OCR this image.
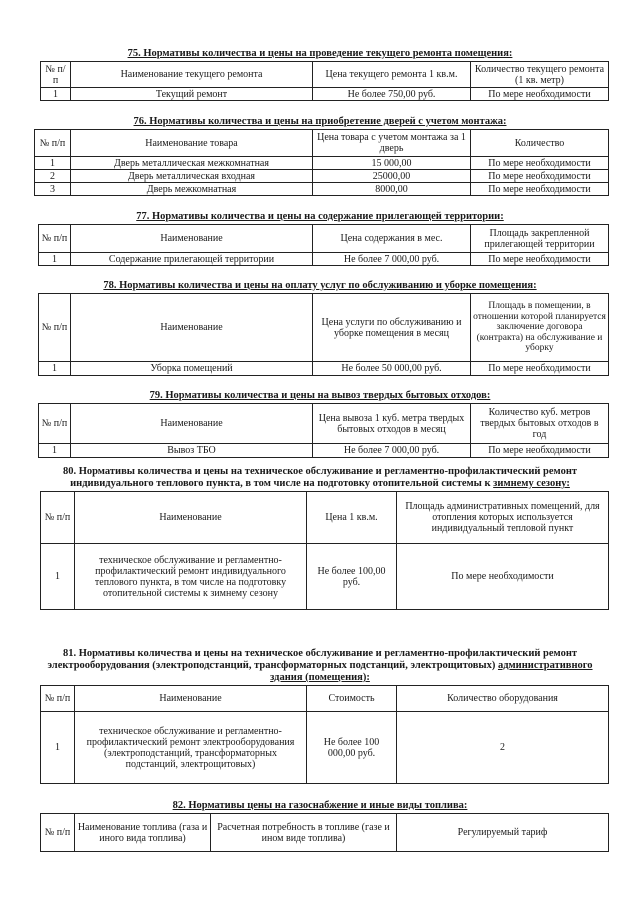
75. Нормативы количества и цены на проведение текущего ремонта помещения:
№ п/п	Наименование текущего ремонта	Цена текущего ремонта 1 кв.м.	Количество текущего ремонта (1 кв. метр)
1	Текущий ремонт	Не более 750,00 руб.	По мере необходимости
76. Нормативы количества и цены на приобретение дверей с учетом монтажа:
№ п/п	Наименование товара	Цена товара с учетом монтажа за 1 дверь	Количество
1	Дверь металлическая межкомнатная	15 000,00	По мере необходимости
2	Дверь металлическая входная	25000,00	По мере необходимости
3	Дверь межкомнатная	8000,00	По мере необходимости
77. Нормативы количества и цены на содержание прилегающей территории:
№ п/п	Наименование	Цена содержания в мес.	Площадь закрепленной прилегающей территории
1	Содержание прилегающей территории	Не более 7 000,00 руб.	По мере необходимости
78. Нормативы количества и цены на оплату услуг по обслуживанию и уборке помещения:
№ п/п	Наименование	Цена услуги по обслуживанию и уборке помещения в месяц	Площадь в помещении, в отношении которой планируется заключение договора (контракта) на обслуживание и уборку
1	Уборка помещений	Не более 50 000,00 руб.	По мере необходимости
79. Нормативы количества и цены на вывоз твердых бытовых отходов:
№ п/п	Наименование	Цена вывоза 1 куб. метра твердых бытовых отходов в месяц	Количество куб. метров твердых бытовых отходов в год
1	Вывоз ТБО	Не более 7 000,00 руб.	По мере необходимости
80. Нормативы количества и цены на техническое обслуживание и регламентно-профилактический ремонт индивидуального теплового пункта, в том числе на подготовку отопительной системы к зимнему сезону:
№ п/п	Наименование	Цена 1 кв.м.	Площадь административных помещений, для отопления которых используется индивидуальный тепловой пункт
1	техническое обслуживание и регламентно-профилактический ремонт индивидуального теплового пункта, в том числе на подготовку отопительной системы к зимнему сезону	Не более 100,00 руб.	По мере необходимости
81. Нормативы количества и цены на техническое обслуживание и регламентно-профилактический ремонт электрооборудования (электроподстанций, трансформаторных подстанций, электрощитовых) административного здания (помещения):
№ п/п	Наименование	Стоимость	Количество оборудования
1	техническое обслуживание и регламентно-профилактический ремонт электрооборудования (электроподстанций, трансформаторных подстанций, электрощитовых)	Не более 100 000,00 руб.	2
82. Нормативы цены на газоснабжение и иные виды топлива:
№ п/п	Наименование топлива (газа и иного вида топлива)	Расчетная потребность в топливе (газе и ином виде топлива)	Регулируемый тариф
